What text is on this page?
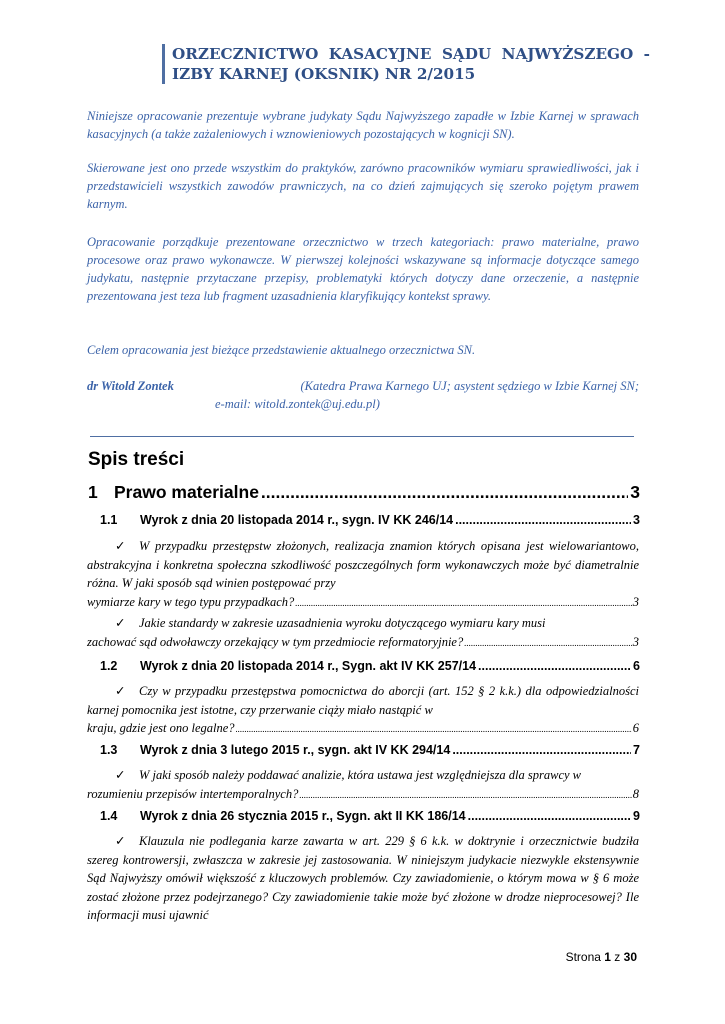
ORZECZNICTWO KASACYJNE SĄDU NAJWYŻSZEGO - IZBY KARNEJ (OKSNIK) NR 2/2015
Niniejsze opracowanie prezentuje wybrane judykaty Sądu Najwyższego zapadłe w Izbie Karnej w sprawach kasacyjnych (a także zażaleniowych i wznowieniowych pozostających w kognicji SN).
Skierowane jest ono przede wszystkim do praktyków, zarówno pracowników wymiaru sprawiedliwości, jak i przedstawicieli wszystkich zawodów prawniczych, na co dzień zajmujących się szeroko pojętym prawem karnym.
Opracowanie porządkuje prezentowane orzecznictwo w trzech kategoriach: prawo materialne, prawo procesowe oraz prawo wykonawcze. W pierwszej kolejności wskazywane są informacje dotyczące samego judykatu, następnie przytaczane przepisy, problematyki których dotyczy dane orzeczenie, a następnie prezentowana jest teza lub fragment uzasadnienia klaryfikujący kontekst sprawy.
Celem opracowania jest bieżące przedstawienie aktualnego orzecznictwa SN.
dr Witold Zontek	(Katedra Prawa Karnego UJ; asystent sędziego w Izbie Karnej SN;
e-mail: witold.zontek@uj.edu.pl)
Spis treści
1 Prawo materialne .....	3
1.1	Wyrok z dnia 20 listopada 2014 r., sygn. IV KK 246/14 .....	3
✓ W przypadku przestępstw złożonych, realizacja znamion których opisana jest wielowariantowo, abstrakcyjna i konkretna społeczna szkodliwość poszczególnych form wykonawczych może być diametralnie różna. W jaki sposób sąd winien postępować przy
wymiarze kary w tego typu przypadkach? .....	3
✓ Jakie standardy w zakresie uzasadnienia wyroku dotyczącego wymiaru kary musi
zachować sąd odwoławczy orzekający w tym przedmiocie reformatoryjnie? .....	3
1.2	Wyrok z dnia 20 listopada 2014 r., Sygn. akt IV KK 257/14 .....	6
✓ Czy w przypadku przestępstwa pomocnictwa do aborcji (art. 152 § 2 k.k.) dla odpowiedzialności karnej pomocnika jest istotne, czy przerwanie ciąży miało nastąpić w
kraju, gdzie jest ono legalne? .....	6
1.3	Wyrok z dnia 3 lutego 2015 r., sygn. akt IV KK 294/14 .....	7
✓ W jaki sposób należy poddawać analizie, która ustawa jest względniejsza dla sprawcy w
rozumieniu przepisów intertemporalnych? .....	8
1.4	Wyrok z dnia 26 stycznia 2015 r., Sygn. akt II KK 186/14 .....	9
✓ Klauzula nie podlegania karze zawarta w art. 229 § 6 k.k. w doktrynie i orzecznictwie budziła szereg kontrowersji, zwłaszcza w zakresie jej zastosowania. W niniejszym judykacie niezwykle ekstensywnie Sąd Najwyższy omówił większość z kluczowych problemów. Czy zawiadomienie, o którym mowa w § 6 może zostać złożone przez podejrzanego? Czy zawiadomienie takie może być złożone w drodze nieprocesowej? Ile informacji musi ujawnić
Strona 1 z 30
